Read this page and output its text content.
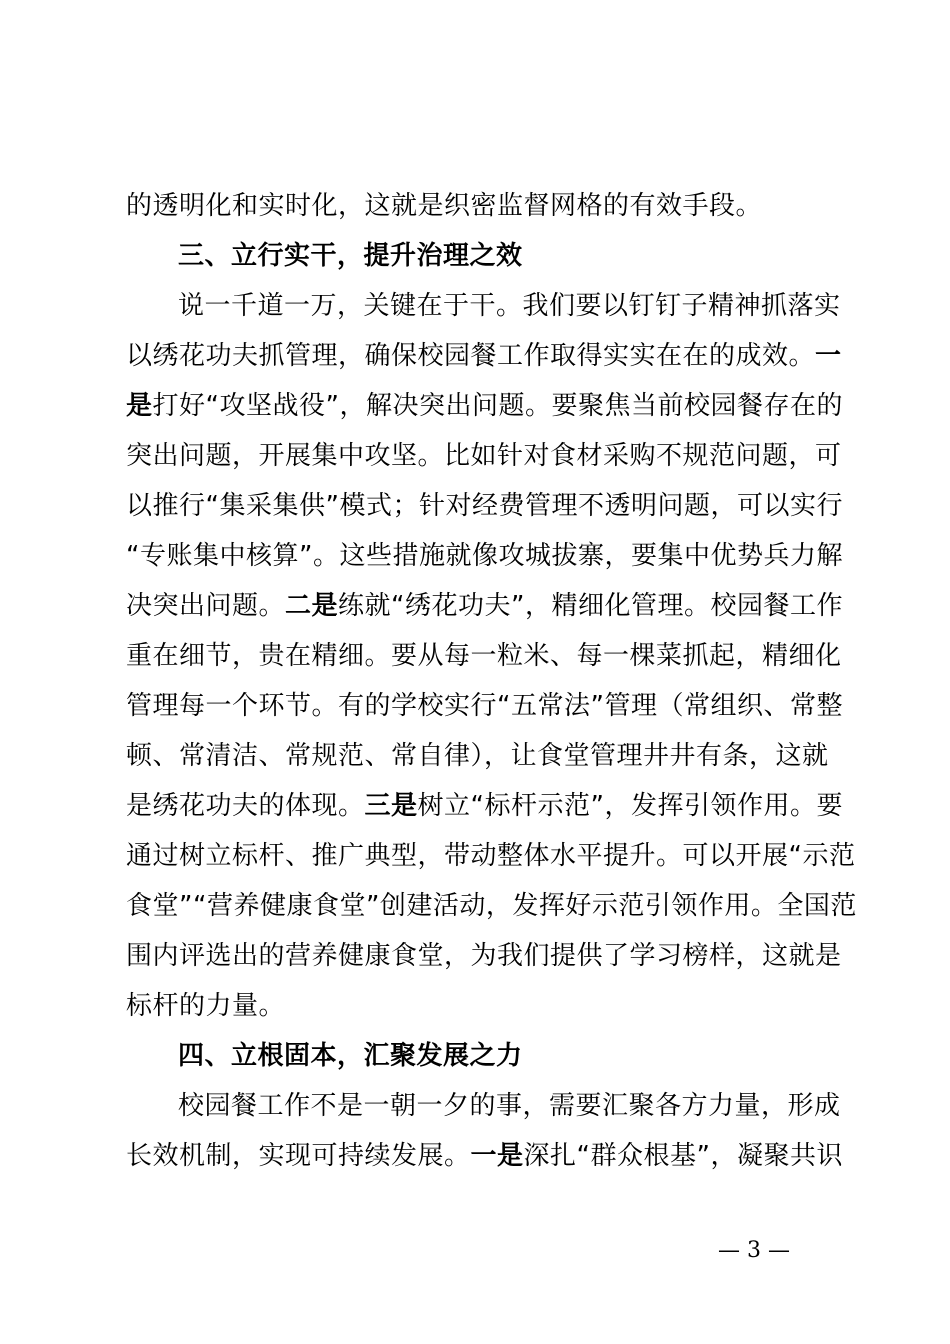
的透明化和实时化，这就是织密监督网格的有效手段。
三、立行实干，提升治理之效
说一千道一万，关键在于干。我们要以钉钉子精神抓落实
以绣花功夫抓管理，确保校园餐工作取得实实在在的成效。一
是打好“攻坚战役”，解决突出问题。要聚焦当前校园餐存在的
突出问题，开展集中攻坚。比如针对食材采购不规范问题，可
以推行“集采集供”模式；针对经费管理不透明问题，可以实行
“专账集中核算”。这些措施就像攻城拔寨，要集中优势兵力解
决突出问题。二是练就“绣花功夫”，精细化管理。校园餐工作
重在细节，贵在精细。要从每一粒米、每一棵菜抓起，精细化
管理每一个环节。有的学校实行“五常法”管理（常组织、常整
顿、常清洁、常规范、常自律），让食堂管理井井有条，这就
是绣花功夫的体现。三是树立“标杆示范”，发挥引领作用。要
通过树立标杆、推广典型，带动整体水平提升。可以开展“示范
食堂”“营养健康食堂”创建活动，发挥好示范引领作用。全国范
围内评选出的营养健康食堂，为我们提供了学习榜样，这就是
标杆的力量。
四、立根固本，汇聚发展之力
校园餐工作不是一朝一夕的事，需要汇聚各方力量，形成
长效机制，实现可持续发展。一是深扎“群众根基”，凝聚共识
— 3 —
